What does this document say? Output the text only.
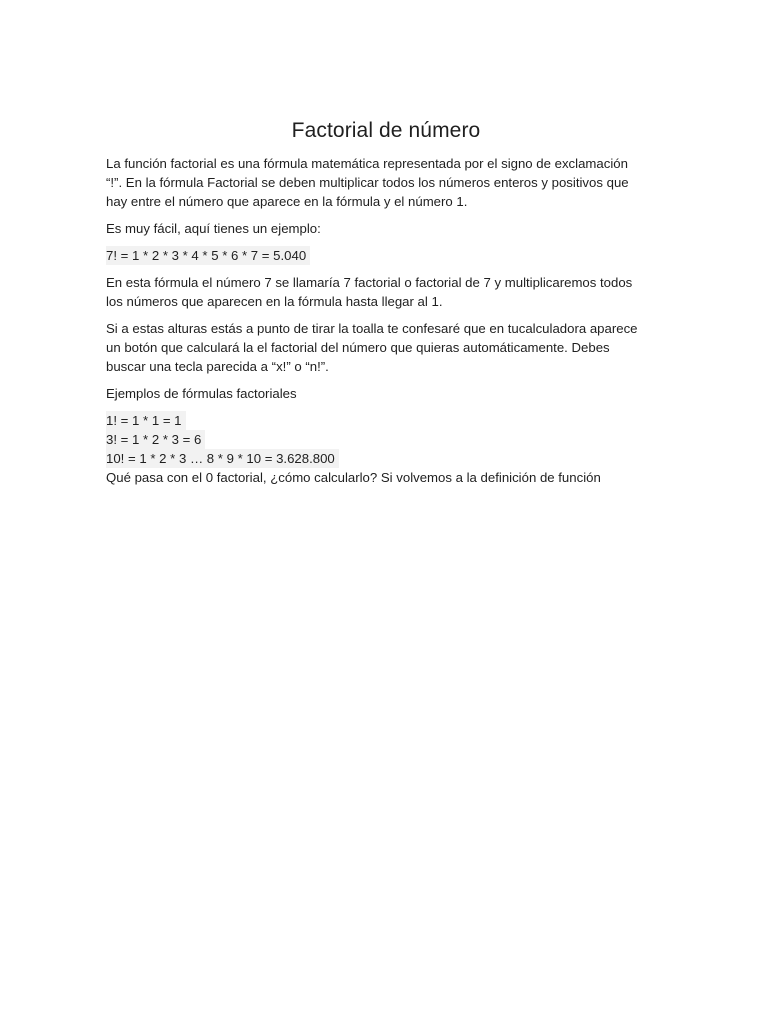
Factorial de número

La función factorial es una fórmula matemática representada por el signo de exclamación
“!”. En la fórmula Factorial se deben multiplicar todos los números enteros y positivos que
hay entre el número que aparece en la fórmula y el número 1.

Es muy fácil, aquí tienes un ejemplo:

7! = 1 * 2 * 3 * 4 * 5 * 6 * 7 = 5.040

En esta fórmula el número 7 se llamaría 7 factorial o factorial de 7 y multiplicaremos todos
los números que aparecen en la fórmula hasta llegar al 1.

Si a estas alturas estás a punto de tirar la toalla te confesaré que en tucalculadora aparece
un botón que calculará la el factorial del número que quieras automáticamente. Debes
buscar una tecla parecida a “x!” o “n!”.

Ejemplos de fórmulas factoriales

1! = 1 * 1 = 1
3! = 1 * 2 * 3 = 6
10! = 1 * 2 * 3 … 8 * 9 * 10 = 3.628.800

Qué pasa con el 0 factorial, ¿cómo calcularlo? Si volvemos a la definición de función
